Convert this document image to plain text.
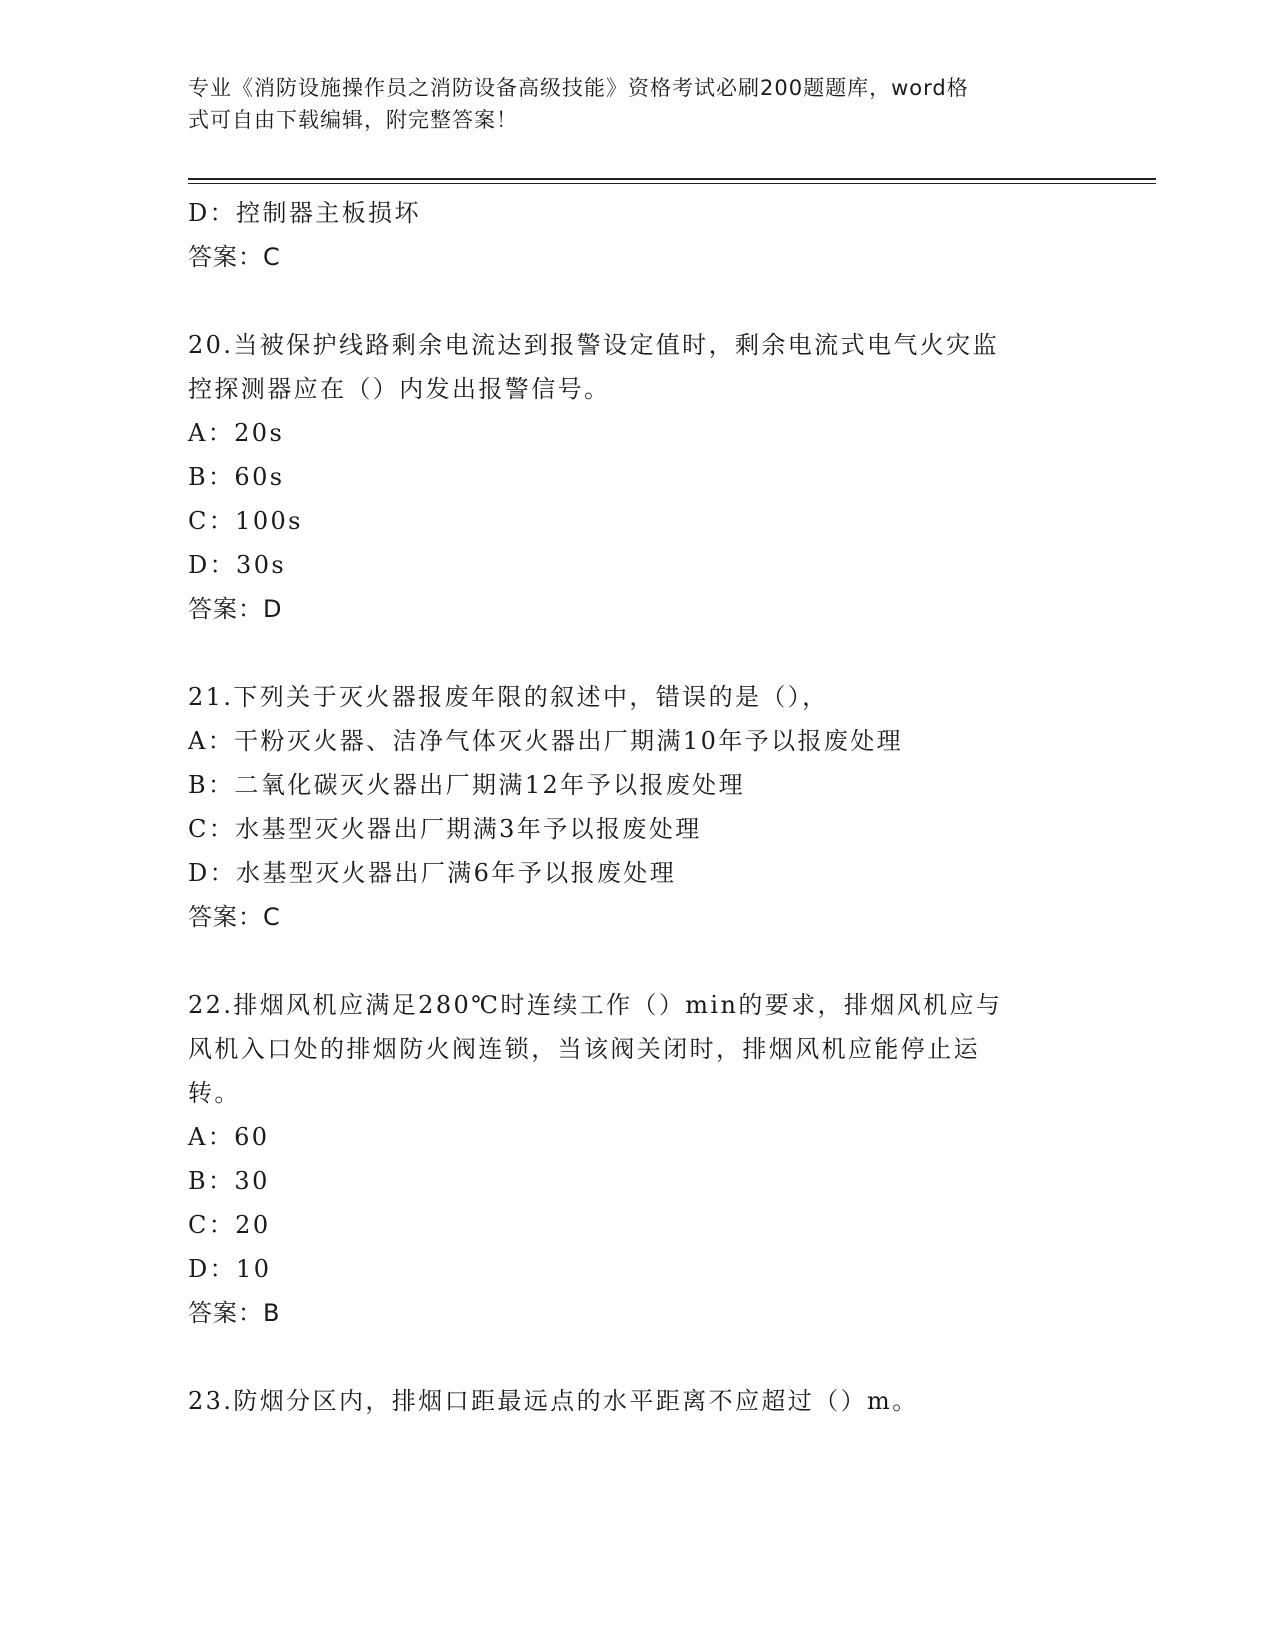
专业《消防设施操作员之消防设备高级技能》资格考试必刷200题题库，word格
式可自由下载编辑，附完整答案！
D：控制器主板损坏
答案：C
20.当被保护线路剩余电流达到报警设定值时，剩余电流式电气火灾监
控探测器应在（）内发出报警信号。
A：20s
B：60s
C：100s
D：30s
答案：D
21.下列关于灭火器报废年限的叙述中，错误的是（），
A：干粉灭火器、洁净气体灭火器出厂期满10年予以报废处理
B：二氧化碳灭火器出厂期满12年予以报废处理
C：水基型灭火器出厂期满3年予以报废处理
D：水基型灭火器出厂满6年予以报废处理
答案：C
22.排烟风机应满足280℃时连续工作（）min的要求，排烟风机应与
风机入口处的排烟防火阀连锁，当该阀关闭时，排烟风机应能停止运
转。
A：60
B：30
C：20
D：10
答案：B
23.防烟分区内，排烟口距最远点的水平距离不应超过（）m。
